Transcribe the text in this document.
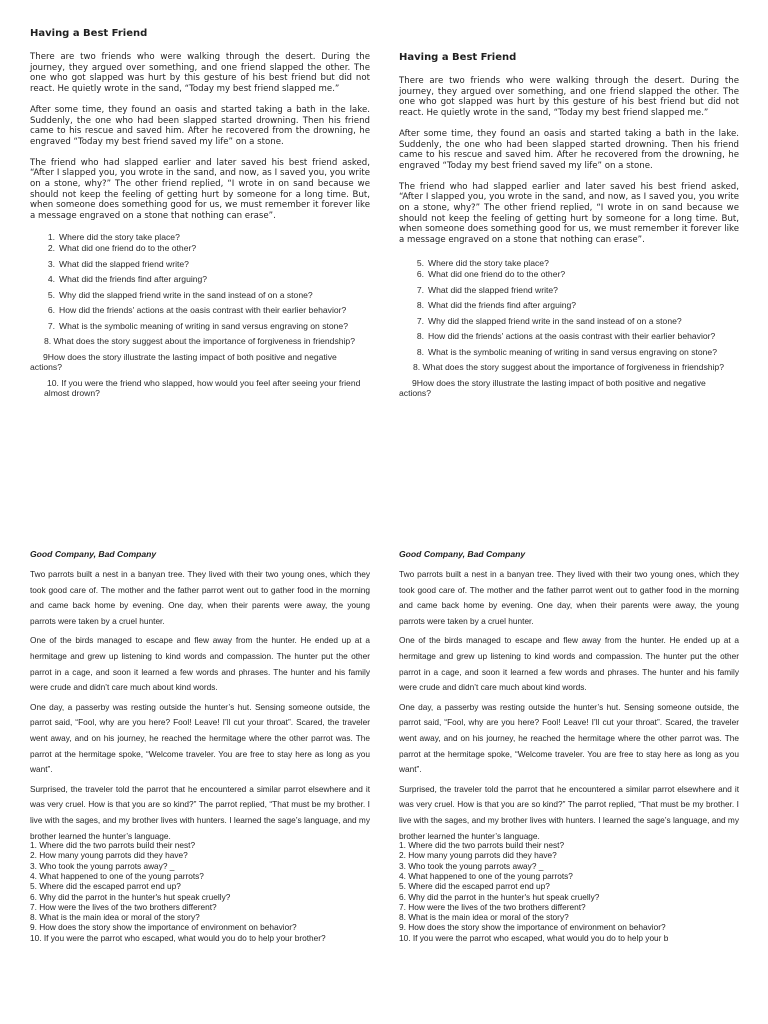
Having a Best Friend

There are two friends who were walking through the desert. During the journey, they argued over something, and one friend slapped the other. The one who got slapped was hurt by this gesture of his best friend but did not react. He quietly wrote in the sand, “Today my best friend slapped me.”

After some time, they found an oasis and started taking a bath in the lake. Suddenly, the one who had been slapped started drowning. Then his friend came to his rescue and saved him. After he recovered from the drowning, he engraved “Today my best friend saved my life” on a stone.

The friend who had slapped earlier and later saved his best friend asked, “After I slapped you, you wrote in the sand, and now, as I saved you, you write on a stone, why?” The other friend replied, “I wrote in on sand because we should not keep the feeling of getting hurt by someone for a long time. But, when someone does something good for us, we must remember it forever like a message engraved on a stone that nothing can erase”.

1. Where did the story take place?
2. What did one friend do to the other?
3. What did the slapped friend write?
4. What did the friends find after arguing?
5. Why did the slapped friend write in the sand instead of on a stone?
6. How did the friends' actions at the oasis contrast with their earlier behavior?
7. What is the symbolic meaning of writing in sand versus engraving on stone?
8. What does the story suggest about the importance of forgiveness in friendship?
9How does the story illustrate the lasting impact of both positive and negative actions?
10. If you were the friend who slapped, how would you feel after seeing your friend almost drown?
Having a Best Friend

There are two friends who were walking through the desert. During the journey, they argued over something, and one friend slapped the other. The one who got slapped was hurt by this gesture of his best friend but did not react. He quietly wrote in the sand, “Today my best friend slapped me.”

After some time, they found an oasis and started taking a bath in the lake. Suddenly, the one who had been slapped started drowning. Then his friend came to his rescue and saved him. After he recovered from the drowning, he engraved “Today my best friend saved my life” on a stone.

The friend who had slapped earlier and later saved his best friend asked, “After I slapped you, you wrote in the sand, and now, as I saved you, you write on a stone, why?” The other friend replied, “I wrote in on sand because we should not keep the feeling of getting hurt by someone for a long time. But, when someone does something good for us, we must remember it forever like a message engraved on a stone that nothing can erase”.

5. Where did the story take place?
6. What did one friend do to the other?
7. What did the slapped friend write?
8. What did the friends find after arguing?
7. Why did the slapped friend write in the sand instead of on a stone?
8. How did the friends' actions at the oasis contrast with their earlier behavior?
8. What is the symbolic meaning of writing in sand versus engraving on stone?
8. What does the story suggest about the importance of forgiveness in friendship?
9How does the story illustrate the lasting impact of both positive and negative actions?
Good Company, Bad Company

Two parrots built a nest in a banyan tree. They lived with their two young ones, which they took good care of. The mother and the father parrot went out to gather food in the morning and came back home by evening. One day, when their parents were away, the young parrots were taken by a cruel hunter.

One of the birds managed to escape and flew away from the hunter. He ended up at a hermitage and grew up listening to kind words and compassion. The hunter put the other parrot in a cage, and soon it learned a few words and phrases. The hunter and his family were crude and didn’t care much about kind words.

One day, a passerby was resting outside the hunter’s hut. Sensing someone outside, the parrot said, “Fool, why are you here? Fool! Leave! I’ll cut your throat”. Scared, the traveler went away, and on his journey, he reached the hermitage where the other parrot was. The parrot at the hermitage spoke, “Welcome traveler. You are free to stay here as long as you want”.

Surprised, the traveler told the parrot that he encountered a similar parrot elsewhere and it was very cruel. How is that you are so kind?” The parrot replied, “That must be my brother. I live with the sages, and my brother lives with hunters. I learned the sage’s language, and my brother learned the hunter’s language.

1. Where did the two parrots build their nest?
2. How many young parrots did they have?
3. Who took the young parrots away? _
4. What happened to one of the young parrots?
5. Where did the escaped parrot end up?
6. Why did the parrot in the hunter's hut speak cruelly?
7. How were the lives of the two brothers different?
8. What is the main idea or moral of the story?
9. How does the story show the importance of environment on behavior?
10. If you were the parrot who escaped, what would you do to help your brother?
Good Company, Bad Company

Two parrots built a nest in a banyan tree. They lived with their two young ones, which they took good care of. The mother and the father parrot went out to gather food in the morning and came back home by evening. One day, when their parents were away, the young parrots were taken by a cruel hunter.

One of the birds managed to escape and flew away from the hunter. He ended up at a hermitage and grew up listening to kind words and compassion. The hunter put the other parrot in a cage, and soon it learned a few words and phrases. The hunter and his family were crude and didn’t care much about kind words.

One day, a passerby was resting outside the hunter’s hut. Sensing someone outside, the parrot said, “Fool, why are you here? Fool! Leave! I’ll cut your throat”. Scared, the traveler went away, and on his journey, he reached the hermitage where the other parrot was. The parrot at the hermitage spoke, “Welcome traveler. You are free to stay here as long as you want”.

Surprised, the traveler told the parrot that he encountered a similar parrot elsewhere and it was very cruel. How is that you are so kind?” The parrot replied, “That must be my brother. I live with the sages, and my brother lives with hunters. I learned the sage’s language, and my brother learned the hunter’s language.

1. Where did the two parrots build their nest?
2. How many young parrots did they have?
3. Who took the young parrots away? _
4. What happened to one of the young parrots?
5. Where did the escaped parrot end up?
6. Why did the parrot in the hunter's hut speak cruelly?
7. How were the lives of the two brothers different?
8. What is the main idea or moral of the story?
9. How does the story show the importance of environment on behavior?
10. If you were the parrot who escaped, what would you do to help your b
